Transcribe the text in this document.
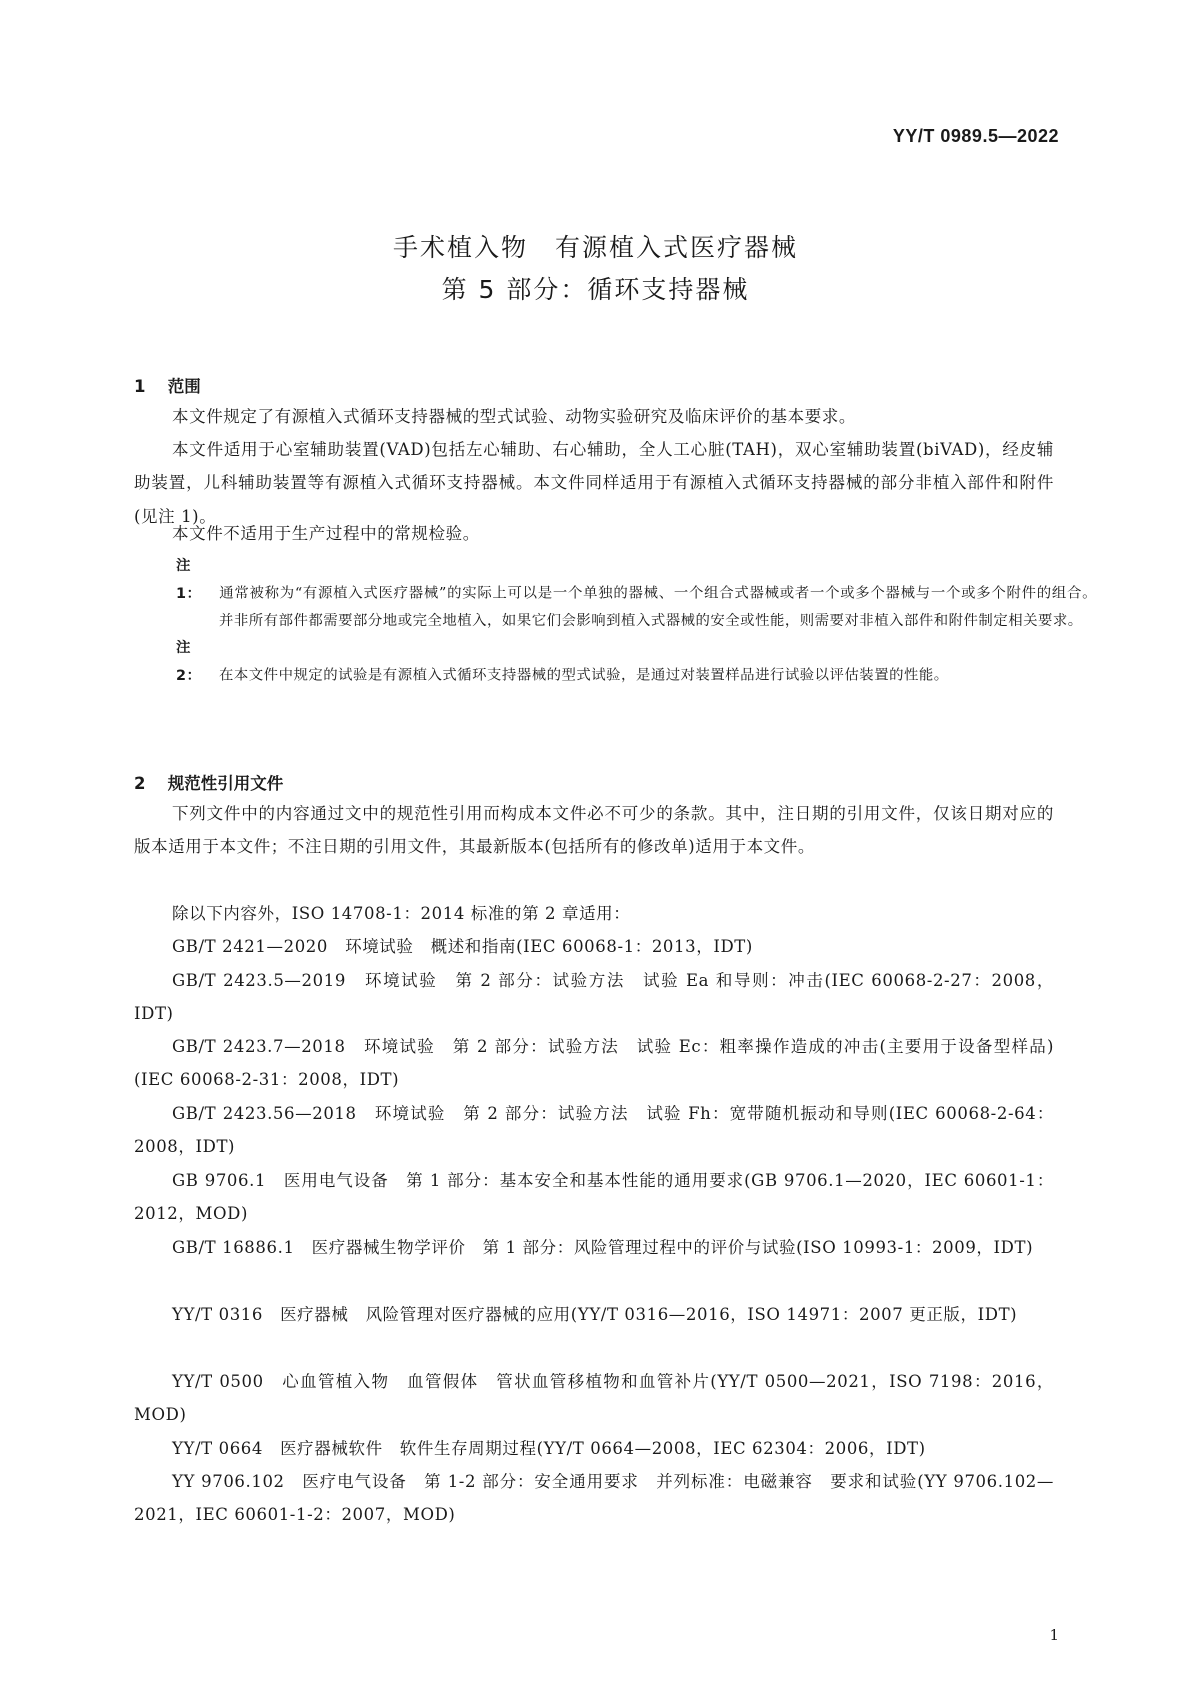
YY/T 0989.5—2022
手术植入物　有源植入式医疗器械
第 5 部分：循环支持器械
1 范围

本文件规定了有源植入式循环支持器械的型式试验、动物实验研究及临床评价的基本要求。

本文件适用于心室辅助装置(VAD)包括左心辅助、右心辅助，全人工心脏(TAH)，双心室辅助装置(biVAD)，经皮辅助装置，儿科辅助装置等有源植入式循环支持器械。本文件同样适用于有源植入式循环支持器械的部分非植入部件和附件(见注 1)。

本文件不适用于生产过程中的常规检验。

注 1： 通常被称为“有源植入式医疗器械”的实际上可以是一个单独的器械、一个组合式器械或者一个或多个器械与一个或多个附件的组合。并非所有部件都需要部分地或完全地植入，如果它们会影响到植入式器械的安全或性能，则需要对非植入部件和附件制定相关要求。

注 2： 在本文件中规定的试验是有源植入式循环支持器械的型式试验，是通过对装置样品进行试验以评估装置的性能。

2 规范性引用文件

下列文件中的内容通过文中的规范性引用而构成本文件必不可少的条款。其中，注日期的引用文件，仅该日期对应的版本适用于本文件；不注日期的引用文件，其最新版本(包括所有的修改单)适用于本文件。

除以下内容外，ISO 14708-1：2014 标准的第 2 章适用：

GB/T 2421—2020　环境试验　概述和指南(IEC 60068-1：2013，IDT)

GB/T 2423.5—2019　环境试验　第 2 部分：试验方法　试验 Ea 和导则：冲击(IEC 60068-2-27：2008，IDT)

GB/T 2423.7—2018　环境试验　第 2 部分：试验方法　试验 Ec：粗率操作造成的冲击(主要用于设备型样品)(IEC 60068-2-31：2008，IDT)

GB/T 2423.56—2018　环境试验　第 2 部分：试验方法　试验 Fh：宽带随机振动和导则(IEC 60068-2-64：2008，IDT)

GB 9706.1　医用电气设备　第 1 部分：基本安全和基本性能的通用要求(GB 9706.1—2020，IEC 60601-1：2012，MOD)

GB/T 16886.1　医疗器械生物学评价　第 1 部分：风险管理过程中的评价与试验(ISO 10993-1：2009，IDT)

YY/T 0316　医疗器械　风险管理对医疗器械的应用(YY/T 0316—2016，ISO 14971：2007 更正版，IDT)

YY/T 0500　心血管植入物　血管假体　管状血管移植物和血管补片(YY/T 0500—2021，ISO 7198：2016，MOD)

YY/T 0664　医疗器械软件　软件生存周期过程(YY/T 0664—2008，IEC 62304：2006，IDT)

YY 9706.102　医疗电气设备　第 1-2 部分：安全通用要求　并列标准：电磁兼容　要求和试验(YY 9706.102—2021，IEC 60601-1-2：2007，MOD)

1
